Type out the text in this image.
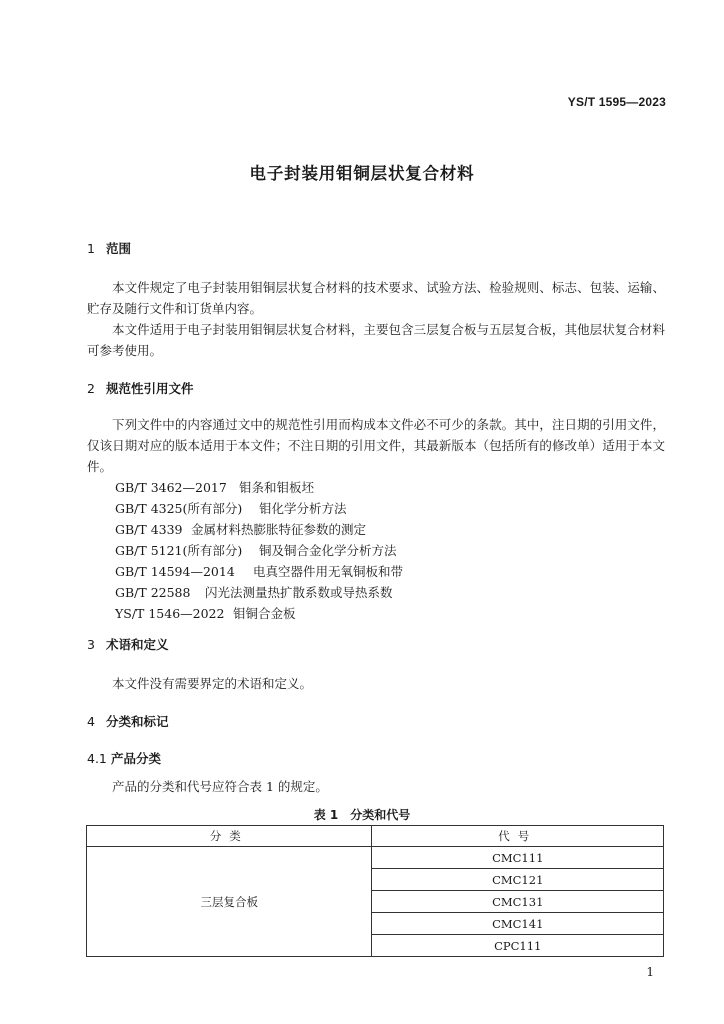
YS/T 1595—2023
电子封装用钼铜层状复合材料
1 范围

本文件规定了电子封装用钼铜层状复合材料的技术要求、试验方法、检验规则、标志、包装、运输、贮存及随行文件和订货单内容。

本文件适用于电子封装用钼铜层状复合材料，主要包含三层复合板与五层复合板，其他层状复合材料可参考使用。

2 规范性引用文件

下列文件中的内容通过文中的规范性引用而构成本文件必不可少的条款。其中，注日期的引用文件，仅该日期对应的版本适用于本文件；不注日期的引用文件，其最新版本（包括所有的修改单）适用于本文件。

GB/T 3462—2017 钼条和钼板坯
GB/T 4325(所有部分) 钼化学分析方法
GB/T 4339 金属材料热膨胀特征参数的测定
GB/T 5121(所有部分) 铜及铜合金化学分析方法
GB/T 14594—2014 电真空器件用无氧铜板和带
GB/T 22588 闪光法测量热扩散系数或导热系数
YS/T 1546—2022 钼铜合金板
3 术语和定义

本文件没有需要界定的术语和定义。

4 分类和标记
4.1 产品分类

产品的分类和代号应符合表 1 的规定。

表 1　分类和代号
分类	代号
三层复合板	CMC111
	CMC121
	CMC131
	CMC141
	CPC111
1
